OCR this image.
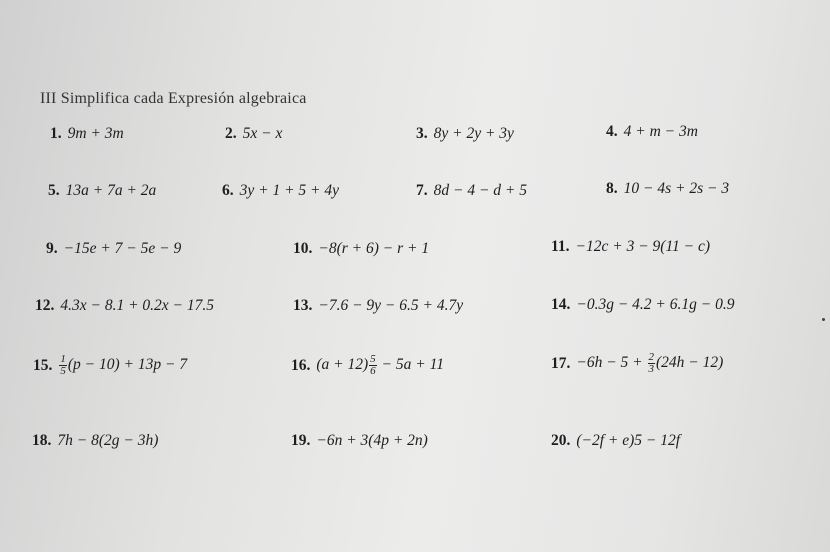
III Simplifica cada Expresión algebraica
1. 9m + 3m	2. 5x − x	3. 8y + 2y + 3y	4. 4 + m − 3m
5. 13a + 7a + 2a	6. 3y + 1 + 5 + 4y	7. 8d − 4 − d + 5	8. 10 − 4s + 2s − 3
9. −15e + 7 − 5e − 9	10. −8(r + 6) − r + 1	11. −12c + 3 − 9(11 − c)
12. 4.3x − 8.1 + 0.2x − 17.5	13. −7.6 − 9y − 6.5 + 4.7y	14. −0.3g − 4.2 + 6.1g − 0.9
15. $\frac{1}{5} (p - 10) + 13p - 7$	16. $(a + 12) \frac{5}{6} - 5a + 11$	17. $-6h - 5 + \frac{2}{3} (24h - 12)$
18. 7h − 8(2g − 3h)	19. −6n + 3(4p + 2n)	20. (−2f + e)5 − 12f
